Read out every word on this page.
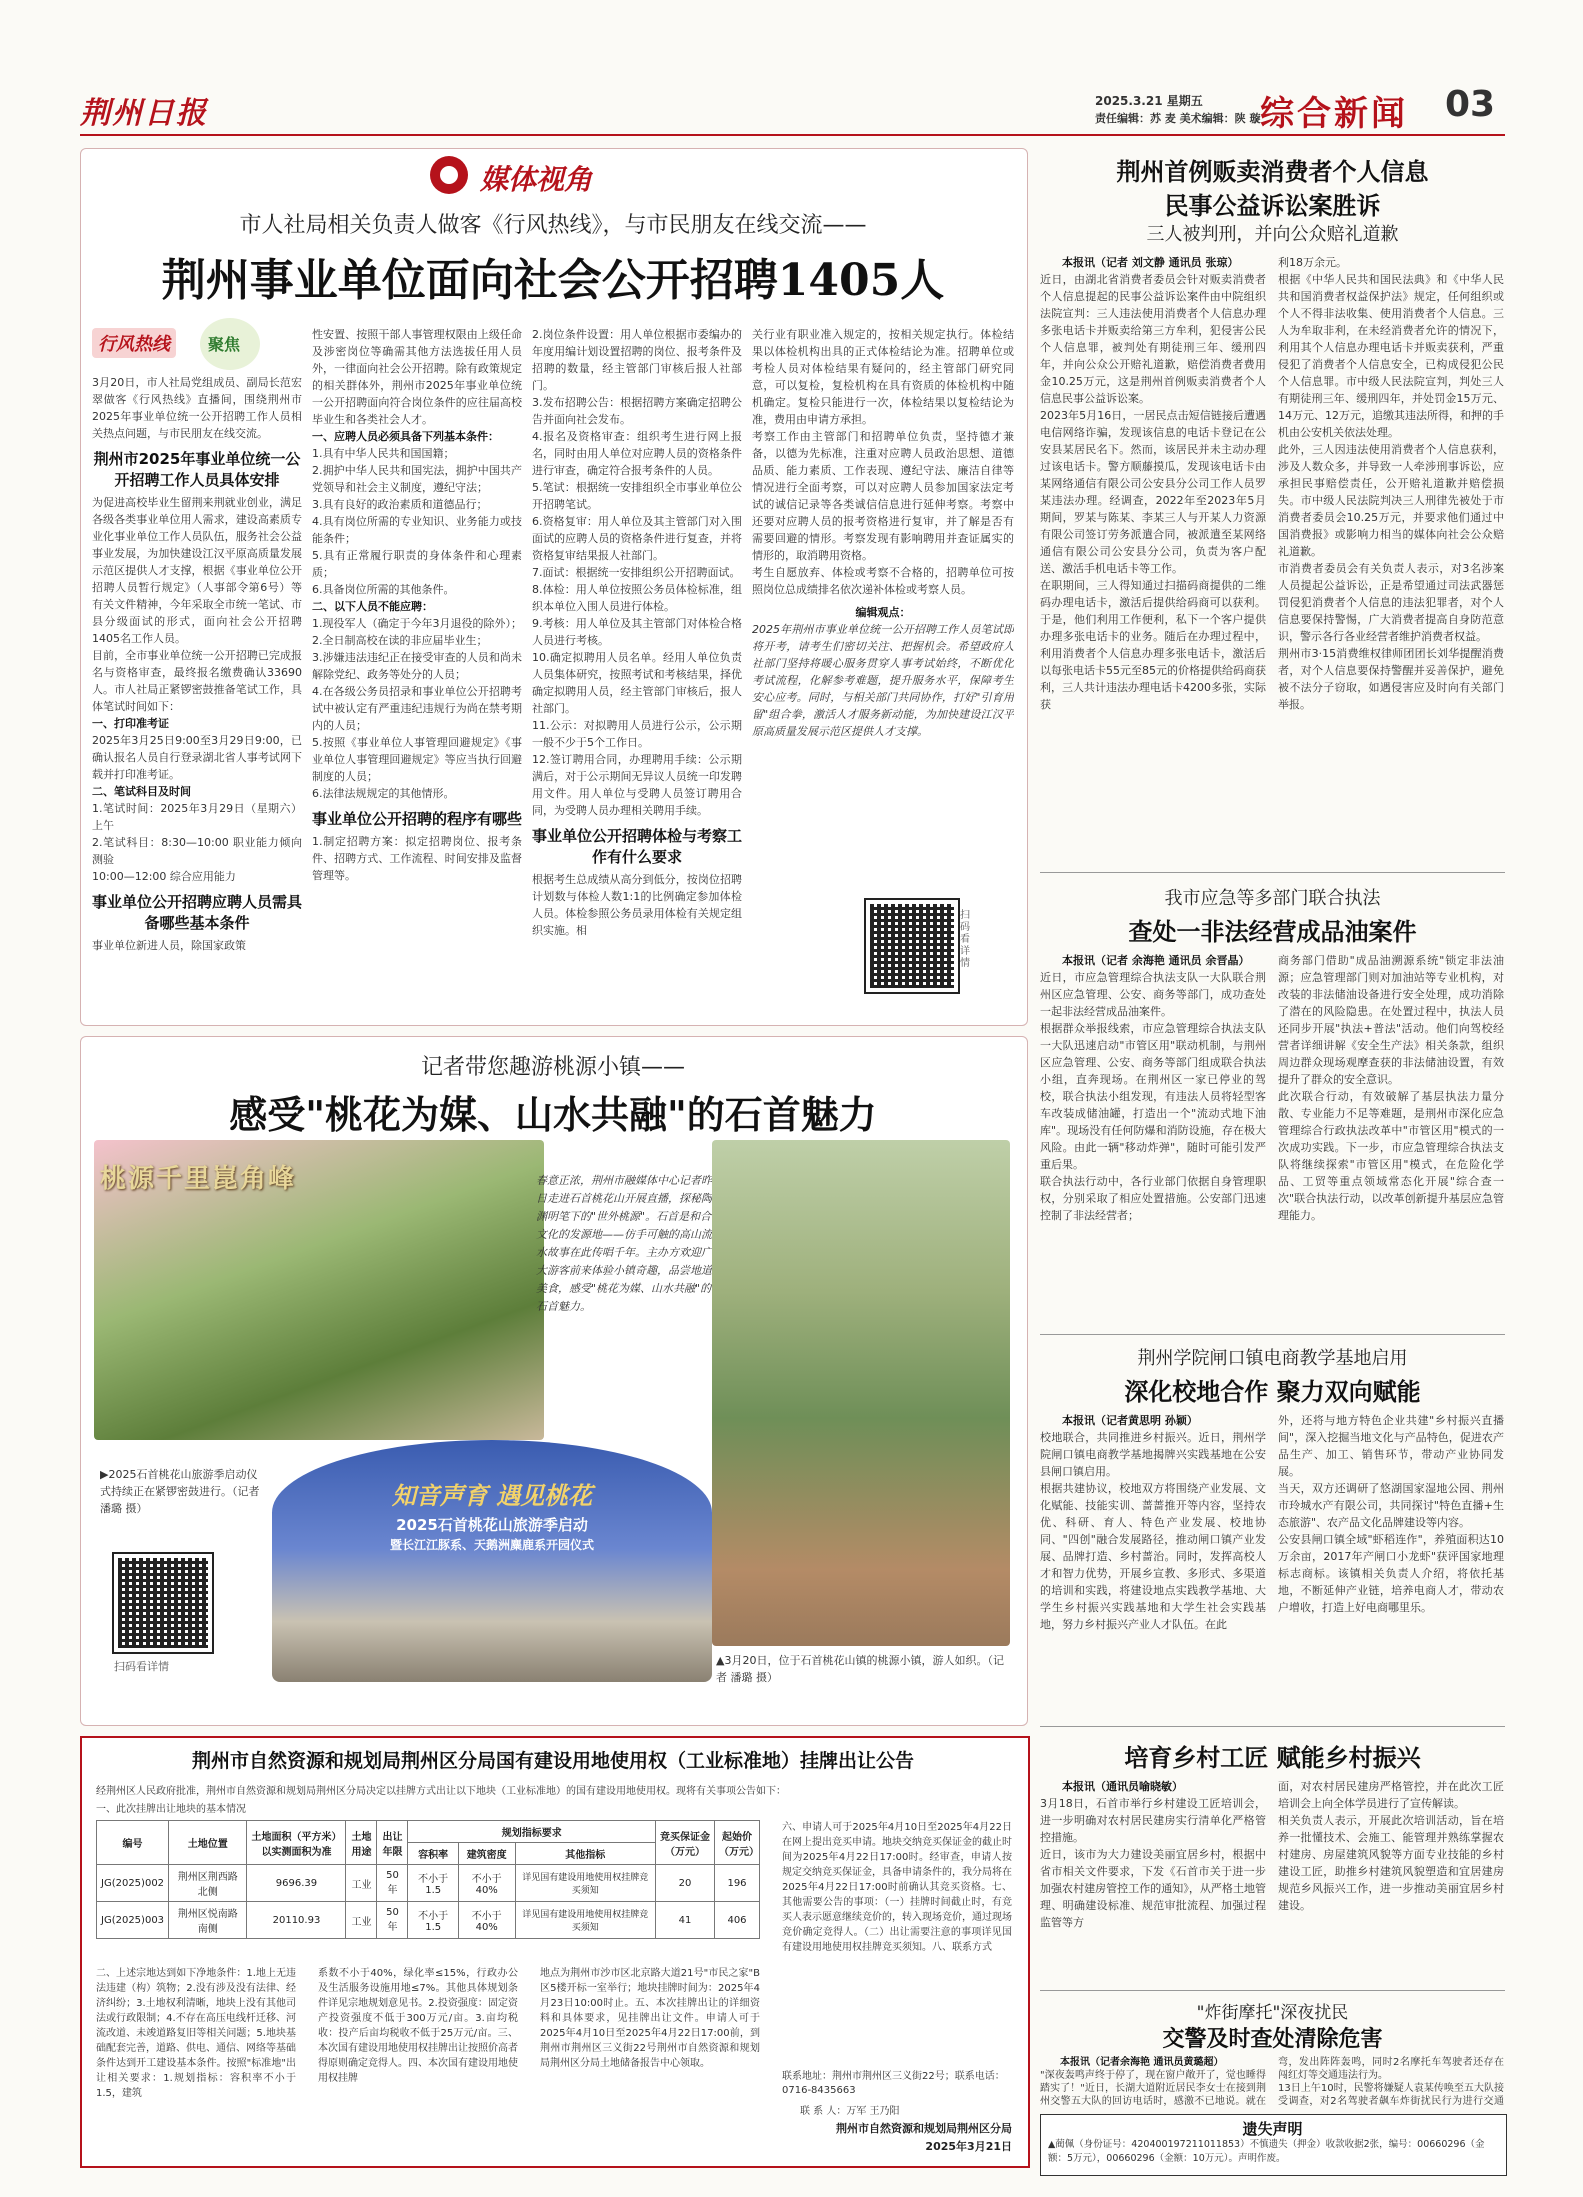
荆州日报	2025.3.21 星期五
责任编辑：苏 麦 美术编辑：陕 璇 综合新闻 03
媒体视角
市人社局相关负责人做客《行风热线》，与市民朋友在线交流——
荆州事业单位面向社会公开招聘1405人
行风热线	聚焦
3月20日，市人社局党组成员、副局长范宏翠做客《行风热线》直播间，围绕荆州市2025年事业单位统一公开招聘工作人员相关热点问题，与市民朋友在线交流。
荆州市2025年事业单位统一公开招聘工作人员具体安排
为促进高校毕业生留荆来荆就业创业，满足各级各类事业单位用人需求，建设高素质专业化事业单位工作人员队伍，服务社会公益事业发展，为加快建设江汉平原高质量发展示范区提供人才支撑，根据《事业单位公开招聘人员暂行规定》（人事部令第6号）等有关文件精神，今年采取全市统一笔试、市县分级面试的形式，面向社会公开招聘1405名工作人员。
目前，全市事业单位统一公开招聘已完成报名与资格审查，最终报名缴费确认33690人。市人社局正紧锣密鼓推备笔试工作，具体笔试时间如下：
一、打印准考证
2025年3月25日9:00至3月29日9:00，已确认报名人员自行登录湖北省人事考试网下载并打印准考证。
二、笔试科目及时间
1.笔试时间：2025年3月29日（星期六）上午
2.笔试科目：8:30—10:00 职业能力倾向测验
10:00—12:00 综合应用能力
事业单位公开招聘应聘人员需具备哪些基本条件
事业单位新进人员，除国家政策
性安置、按照干部人事管理权限由上级任命及涉密岗位等确需其他方法选拔任用人员外，一律面向社会公开招聘。除有政策规定的相关群体外，荆州市2025年事业单位统一公开招聘面向符合岗位条件的应往届高校毕业生和各类社会人才。
一、应聘人员必须具备下列基本条件：
1.具有中华人民共和国国籍；
2.拥护中华人民共和国宪法，拥护中国共产党领导和社会主义制度，遵纪守法；
3.具有良好的政治素质和道德品行；
4.具有岗位所需的专业知识、业务能力或技能条件；
5.具有正常履行职责的身体条件和心理素质；
6.具备岗位所需的其他条件。
二、以下人员不能应聘：
1.现役军人（确定于今年3月退役的除外）；
2.全日制高校在读的非应届毕业生；
3.涉嫌违法违纪正在接受审查的人员和尚未解除党纪、政务等处分的人员；
4.在各级公务员招录和事业单位公开招聘考试中被认定有严重违纪违规行为尚在禁考期内的人员；
5.按照《事业单位人事管理回避规定》《事业单位人事管理回避规定》等应当执行回避制度的人员；
6.法律法规规定的其他情形。
事业单位公开招聘的程序有哪些
1.制定招聘方案：拟定招聘岗位、报考条件、招聘方式、工作流程、时间安排及监督管理等。
2.岗位条件设置：用人单位根据市委编办的年度用编计划设置招聘的岗位、报考条件及招聘的数量，经主管部门审核后报人社部门。
3.发布招聘公告：根据招聘方案确定招聘公告并面向社会发布。
4.报名及资格审查：组织考生进行网上报名，同时由用人单位对应聘人员的资格条件进行审查，确定符合报考条件的人员。
5.笔试：根据统一安排组织全市事业单位公开招聘笔试。
6.资格复审：用人单位及其主管部门对入围面试的应聘人员的资格条件进行复查，并将资格复审结果报人社部门。
7.面试：根据统一安排组织公开招聘面试。
8.体检：用人单位按照公务员体检标准，组织本单位入围人员进行体检。
9.考核：用人单位及其主管部门对体检合格人员进行考核。
10.确定拟聘用人员名单。经用人单位负责人员集体研究，按照考试和考核结果，择优确定拟聘用人员，经主管部门审核后，报人社部门。
11.公示：对拟聘用人员进行公示，公示期一般不少于5个工作日。
12.签订聘用合同，办理聘用手续：公示期满后，对于公示期间无异议人员统一印发聘用文件。用人单位与受聘人员签订聘用合同，为受聘人员办理相关聘用手续。
事业单位公开招聘体检与考察工作有什么要求
根据考生总成绩从高分到低分，按岗位招聘计划数与体检人数1:1的比例确定参加体检人员。体检参照公务员录用体检有关规定组织实施。相
关行业有职业准入规定的，按相关规定执行。体检结果以体检机构出具的正式体检结论为准。招聘单位或考检人员对体检结果有疑问的，经主管部门研究同意，可以复检，复检机构在具有资质的体检机构中随机确定。复检只能进行一次，体检结果以复检结论为准，费用由申请方承担。
考察工作由主管部门和招聘单位负责，坚持德才兼备，以德为先标准，注重对应聘人员政治思想、道德品质、能力素质、工作表现、遵纪守法、廉洁自律等情况进行全面考察，可以对应聘人员参加国家法定考试的诚信记录等各类诚信信息进行延伸考察。考察中还要对应聘人员的报考资格进行复审，并了解是否有需要回避的情形。考察发现有影响聘用并查证属实的情形的，取消聘用资格。
考生自愿放弃、体检或考察不合格的，招聘单位可按照岗位总成绩排名依次递补体检或考察人员。
编辑观点：
2025年荆州市事业单位统一公开招聘工作人员笔试即将开考，请考生们密切关注、把握机会。希望政府人社部门坚持将暖心服务贯穿人事考试始终，不断优化考试流程，化解参考难题，提升服务水平，保障考生安心应考。同时，与相关部门共同协作，打好"引育用留"组合拳，激活人才服务新动能，为加快建设江汉平原高质量发展示范区提供人才支撑。
扫码看详情
记者带您趣游桃源小镇——
感受"桃花为媒、山水共融"的石首魅力
桃源千里崑角峰	春意正浓，荆州市融媒体中心记者昨日走进石首桃花山开展直播，探秘陶渊明笔下的"世外桃源"。石首是和合文化的发源地——仿手可触的高山流水故事在此传唱千年。主办方欢迎广大游客前来体验小镇奇趣，品尝地道美食，感受"桃花为媒、山水共融"的石首魅力。
知音声育 遇见桃花
2025石首桃花山旅游季启动
暨长江江豚系、天鹅洲麋鹿系开园仪式
▶2025石首桃花山旅游季启动仪式持续正在紧锣密鼓进行。（记者 潘璐 摄）
扫码看详情	▲3月20日，位于石首桃花山镇的桃源小镇，游人如织。（记者 潘璐 摄）
荆州市自然资源和规划局荆州区分局国有建设用地使用权（工业标准地）挂牌出让公告
经荆州区人民政府批准，荆州市自然资源和规划局荆州区分局决定以挂牌方式出让以下地块（工业标准地）的国有建设用地使用权。现将有关事项公告如下：
一、此次挂牌出让地块的基本情况
编号	土地位置	土地面积（平方米）以实测面积为准	土地用途	出让年限	规划指标要求			竞买保证金（万元）	起始价（万元）
					容积率	建筑密度	其他指标		
JG(2025)002	荆州区荆西路北侧	9696.39	工业	50年	不小于1.5	不小于40%	详见国有建设用地使用权挂牌竞买须知	20	196
JG(2025)003	荆州区悦南路南侧	20110.93	工业	50年	不小于1.5	不小于40%	详见国有建设用地使用权挂牌竞买须知	41	406
二、上述宗地达到如下净地条件：1.地上无违法违建（构）筑物；2.没有涉及没有法律、经济纠纷；3.土地权利清晰，地块上没有其他司法或行政限制；4.不存在高压电线杆迁移、河流改道、未竣道路复旧等相关问题；5.地块基础配套完善，道路、供电、通信、网络等基础条件达到开工建设基本条件。按照"标准地"出让相关要求：1.规划指标：容积率不小于1.5，建筑
系数不小于40%，绿化率≤15%，行政办公及生活服务设施用地≤7%。其他具体规划条件详见宗地规划意见书。2.投资强度：固定资产投资强度不低于300万元/亩。3.亩均税收：投产后亩均税收不低于25万元/亩。三、本次国有建设用地使用权挂牌出让按照价高者得原则确定竞得人。四、本次国有建设用地使用权挂牌
地点为荆州市沙市区北京路大道21号"市民之家"B区5楼开标一室举行；地块挂牌时间为：2025年4月23日10:00时止。五、本次挂牌出让的详细资料和具体要求，见挂牌出让文件。申请人可于2025年4月10日至2025年4月22日17:00前，到荆州市荆州区三义街22号荆州市自然资源和规划局荆州区分局土地储备报告中心领取。
六、申请人可于2025年4月10日至2025年4月22日在网上提出竞买申请。地块交纳竞买保证金的截止时间为2025年4月22日17:00时。经审查，申请人按规定交纳竞买保证金，具备申请条件的，我分局将在2025年4月22日17:00时前确认其竞买资格。七、其他需要公告的事项：（一）挂牌时间截止时，有竞买人表示愿意继续竞价的，转入现场竞价，通过现场竞价确定竞得人。（二）出让需要注意的事项详见国有建设用地使用权挂牌竞买须知。八、联系方式
联系地址：荆州市荆州区三义街22号；联系电话：0716-8435663
联 系 人：万军 王乃阳
荆州市自然资源和规划局荆州区分局
2025年3月21日
荆州首例贩卖消费者个人信息
民事公益诉讼案胜诉
三人被判刑，并向公众赔礼道歉
本报讯（记者 刘文静 通讯员 张琼）
近日，由湖北省消费者委员会针对贩卖消费者个人信息提起的民事公益诉讼案件由中院组织法院宣判：三人违法使用消费者个人信息办理多张电话卡并贩卖给第三方牟利，犯侵害公民个人信息罪，被判处有期徒刑三年、缓刑四年，并向公众公开赔礼道歉，赔偿消费者费用金10.25万元，这是荆州首例贩卖消费者个人信息民事公益诉讼案。
2023年5月16日，一居民点击短信链接后遭遇电信网络诈骗，发现该信息的电话卡登记在公安县某居民名下。然而，该居民并未主动办理过该电话卡。警方顺藤摸瓜，发现该电话卡由某网络通信有限公司公安县分公司工作人员罗某违法办理。经调查，2022年至2023年5月期间，罗某与陈某、李某三人与开某人力资源有限公司签订劳务派遣合同，被派遣至某网络通信有限公司公安县分公司，负责为客户配送、激活手机电话卡等工作。
在职期间，三人得知通过扫描码商提供的二维码办理电话卡，激活后提供给码商可以获利。于是，他们利用工作便利，私下一个客户提供办理多张电话卡的业务。随后在办理过程中，利用消费者个人信息办理多张电话卡，激活后以每张电话卡55元至85元的价格提供给码商获利，三人共计违法办理电话卡4200多张，实际获
利18万余元。
根据《中华人民共和国民法典》和《中华人民共和国消费者权益保护法》规定，任何组织或个人不得非法收集、使用消费者个人信息。三人为牟取非利，在未经消费者允许的情况下，利用其个人信息办理电话卡并贩卖获利，严重侵犯了消费者个人信息安全，已构成侵犯公民个人信息罪。市中级人民法院宣判，判处三人有期徒刑三年、缓刑四年，并处罚金15万元、14万元、12万元，追缴其违法所得，和押的手机由公安机关依法处理。
此外，三人因违法使用消费者个人信息获利，涉及人数众多，并导致一人牵涉刑事诉讼，应承担民事赔偿责任，公开赔礼道歉并赔偿损失。市中级人民法院判决三人刑律先被处于市消费者委员会10.25万元，并要求他们通过中国消费报》或影响力相当的媒体向社会公众赔礼道歉。
市消费者委员会有关负责人表示，对3名涉案人员提起公益诉讼，正是希望通过司法武器惩罚侵犯消费者个人信息的违法犯罪者，对个人信息要保持警惕，广大消费者提高自身防范意识，警示各行各业经营者维护消费者权益。
荆州市3·15消费维权律师团团长刘华提醒消费者，对个人信息要保持警醒并妥善保护，避免被不法分子窃取，如遇侵害应及时向有关部门举报。
我市应急等多部门联合执法
查处一非法经营成品油案件
本报讯（记者 余海艳 通讯员 余晋晶）
近日，市应急管理综合执法支队一大队联合荆州区应急管理、公安、商务等部门，成功查处一起非法经营成品油案件。
根据群众举报线索，市应急管理综合执法支队一大队迅速启动"市管区用"联动机制，与荆州区应急管理、公安、商务等部门组成联合执法小组，直奔现场。在荆州区一家已停业的驾校，联合执法小组发现，有违法人员将轻型客车改装成储油罐，打造出一个"流动式地下油库"。现场没有任何防爆和消防设施，存在极大风险。由此一辆"移动炸弹"，随时可能引发严重后果。
联合执法行动中，各行业部门依据自身管理职权，分别采取了相应处置措施。公安部门迅速控制了非法经营者；
商务部门借助"成品油溯源系统"锁定非法油源；应急管理部门则对加油站等专业机构，对改装的非法储油设备进行安全处理，成功消除了潜在的风险隐患。在处置过程中，执法人员还同步开展"执法+普法"活动。他们向驾校经营者详细讲解《安全生产法》相关条款，组织周边群众现场观摩查获的非法储油设置，有效提升了群众的安全意识。
此次联合行动，有效破解了基层执法力量分散、专业能力不足等难题，是荆州市深化应急管理综合行政执法改革中"市管区用"模式的一次成功实践。下一步，市应急管理综合执法支队将继续探索"市管区用"模式，在危险化学品、工贸等重点领域常态化开展"综合查一次"联合执法行动，以改革创新提升基层应急管理能力。
荆州学院闸口镇电商教学基地启用
深化校地合作 聚力双向赋能
本报讯（记者黄思明 孙颖）
校地联合，共同推进乡村振兴。近日，荆州学院闸口镇电商教学基地揭牌兴实践基地在公安县闸口镇启用。
根据共建协议，校地双方将围绕产业发展、文化赋能、技能实训、蔷蔷推开等内容，坚持农优、科研、育人、特色产业发展、校地协同、"四创"融合发展路径，推动闸口镇产业发展、品牌打造、乡村蔷治。同时，发挥高校人才和智力优势，开展乡宣教、多形式、多渠道的培训和实践，将建设地点实践教学基地、大学生乡村振兴实践基地和大学生社会实践基地，努力乡村振兴产业人才队伍。在此
外，还将与地方特色企业共建"乡村振兴直播间"，深入挖掘当地文化与产品特色，促进农产品生产、加工、销售环节，带动产业协同发展。
当天，双方还调研了悠湖国家湿地公园、荆州市玲城水产有限公司，共同探讨"特色直播+生态旅游"、农产品文化品牌建设等内容。
公安县闸口镇全域"虾稻连作"，养殖面积达10万余亩，2017年产闸口小龙虾"获评国家地理标志商标。该镇相关负责人介绍，将依托基地，不断延伸产业链，培养电商人才，带动农户增收，打造上好电商哪里乐。
培育乡村工匠 赋能乡村振兴
本报讯（通讯员喻晓敏）
3月18日，石首市举行乡村建设工匠培训会，进一步明确对农村居民建房实行清单化严格管控措施。
近日，该市为大力建设美丽宜居乡村，根据中省市相关文件要求，下发《石首市关于进一步加强农村建房管控工作的通知》，从严格土地管理、明确建设标准、规范审批流程、加强过程监管等方
面，对农村居民建房严格管控，并在此次工匠培训会上向全体学员进行了宣传解读。
相关负责人表示，开展此次培训活动，旨在培养一批懂技术、会施工、能管理并熟练掌握农村建房、房屋建筑风貌等方面专业技能的乡村建设工匠，助推乡村建筑风貌塑造和宜居建房规范乡风振兴工作，进一步推动美丽宜居乡村建设。
"炸街摩托"深夜扰民
交警及时查处清除危害
本报讯（记者余海艳 通讯员黄璐超）
"深夜轰鸣声终于停了，现在窗户敞开了，觉也睡得踏实了！"近日，长湖大道附近居民李女士在接到荆州交警五大队的回访电话时，感激不已地说。就在

弯，发出阵阵轰鸣，同时2名摩托车驾驶者还存在闯红灯等交通违法行为。
13日上午10时，民警将嫌疑人袁某传唤至五大队接受调查，对2名驾驶者飙车炸街扰民行为进行交通

遗失声明
▲蔺佩（身份证号：420400197211011853）不慎遗失（押金）收款收据2张，编号：00660296（金额：5万元），00660296（金额：10万元）。声明作废。
